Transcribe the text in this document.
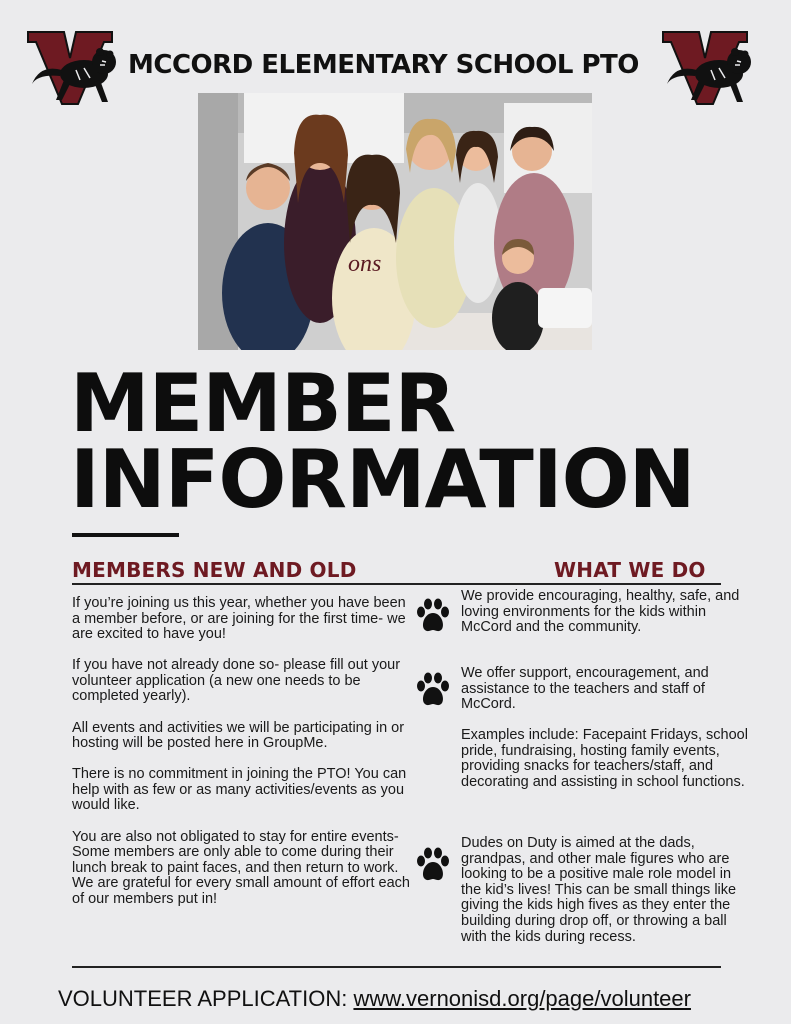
V
MCCORD ELEMENTARY SCHOOL PTO
ons
MEMBER
INFORMATION
MEMBERS NEW AND OLD	WHAT WE DO

If you’re joining us this year, whether you have been a member before, or are joining for the first time- we are excited to have you!

If you have not already done so- please fill out your volunteer application (a new one needs to be completed yearly).

All events and activities we will be participating in or hosting will be posted here in GroupMe.

There is no commitment in joining the PTO! You can help with as few or as many activities/events as you would like.

You are also not obligated to stay for entire events- Some members are only able to come during their lunch break to paint faces, and then return to work. We are grateful for every small amount of effort each of our members put in!

We provide encouraging, healthy, safe, and loving environments for the kids within McCord and the community.

We offer support, encouragement, and assistance to the teachers and staff of McCord.

Examples include: Facepaint Fridays, school pride, fundraising, hosting family events, providing snacks for teachers/staff, and decorating and assisting in school functions.

Dudes on Duty is aimed at the dads, grandpas, and other male figures who are looking to be a positive male role model in the kid’s lives! This can be small things like giving the kids high fives as they enter the building during drop off, or throwing a ball with the kids during recess.

VOLUNTEER APPLICATION: www.vernonisd.org/page/volunteer
